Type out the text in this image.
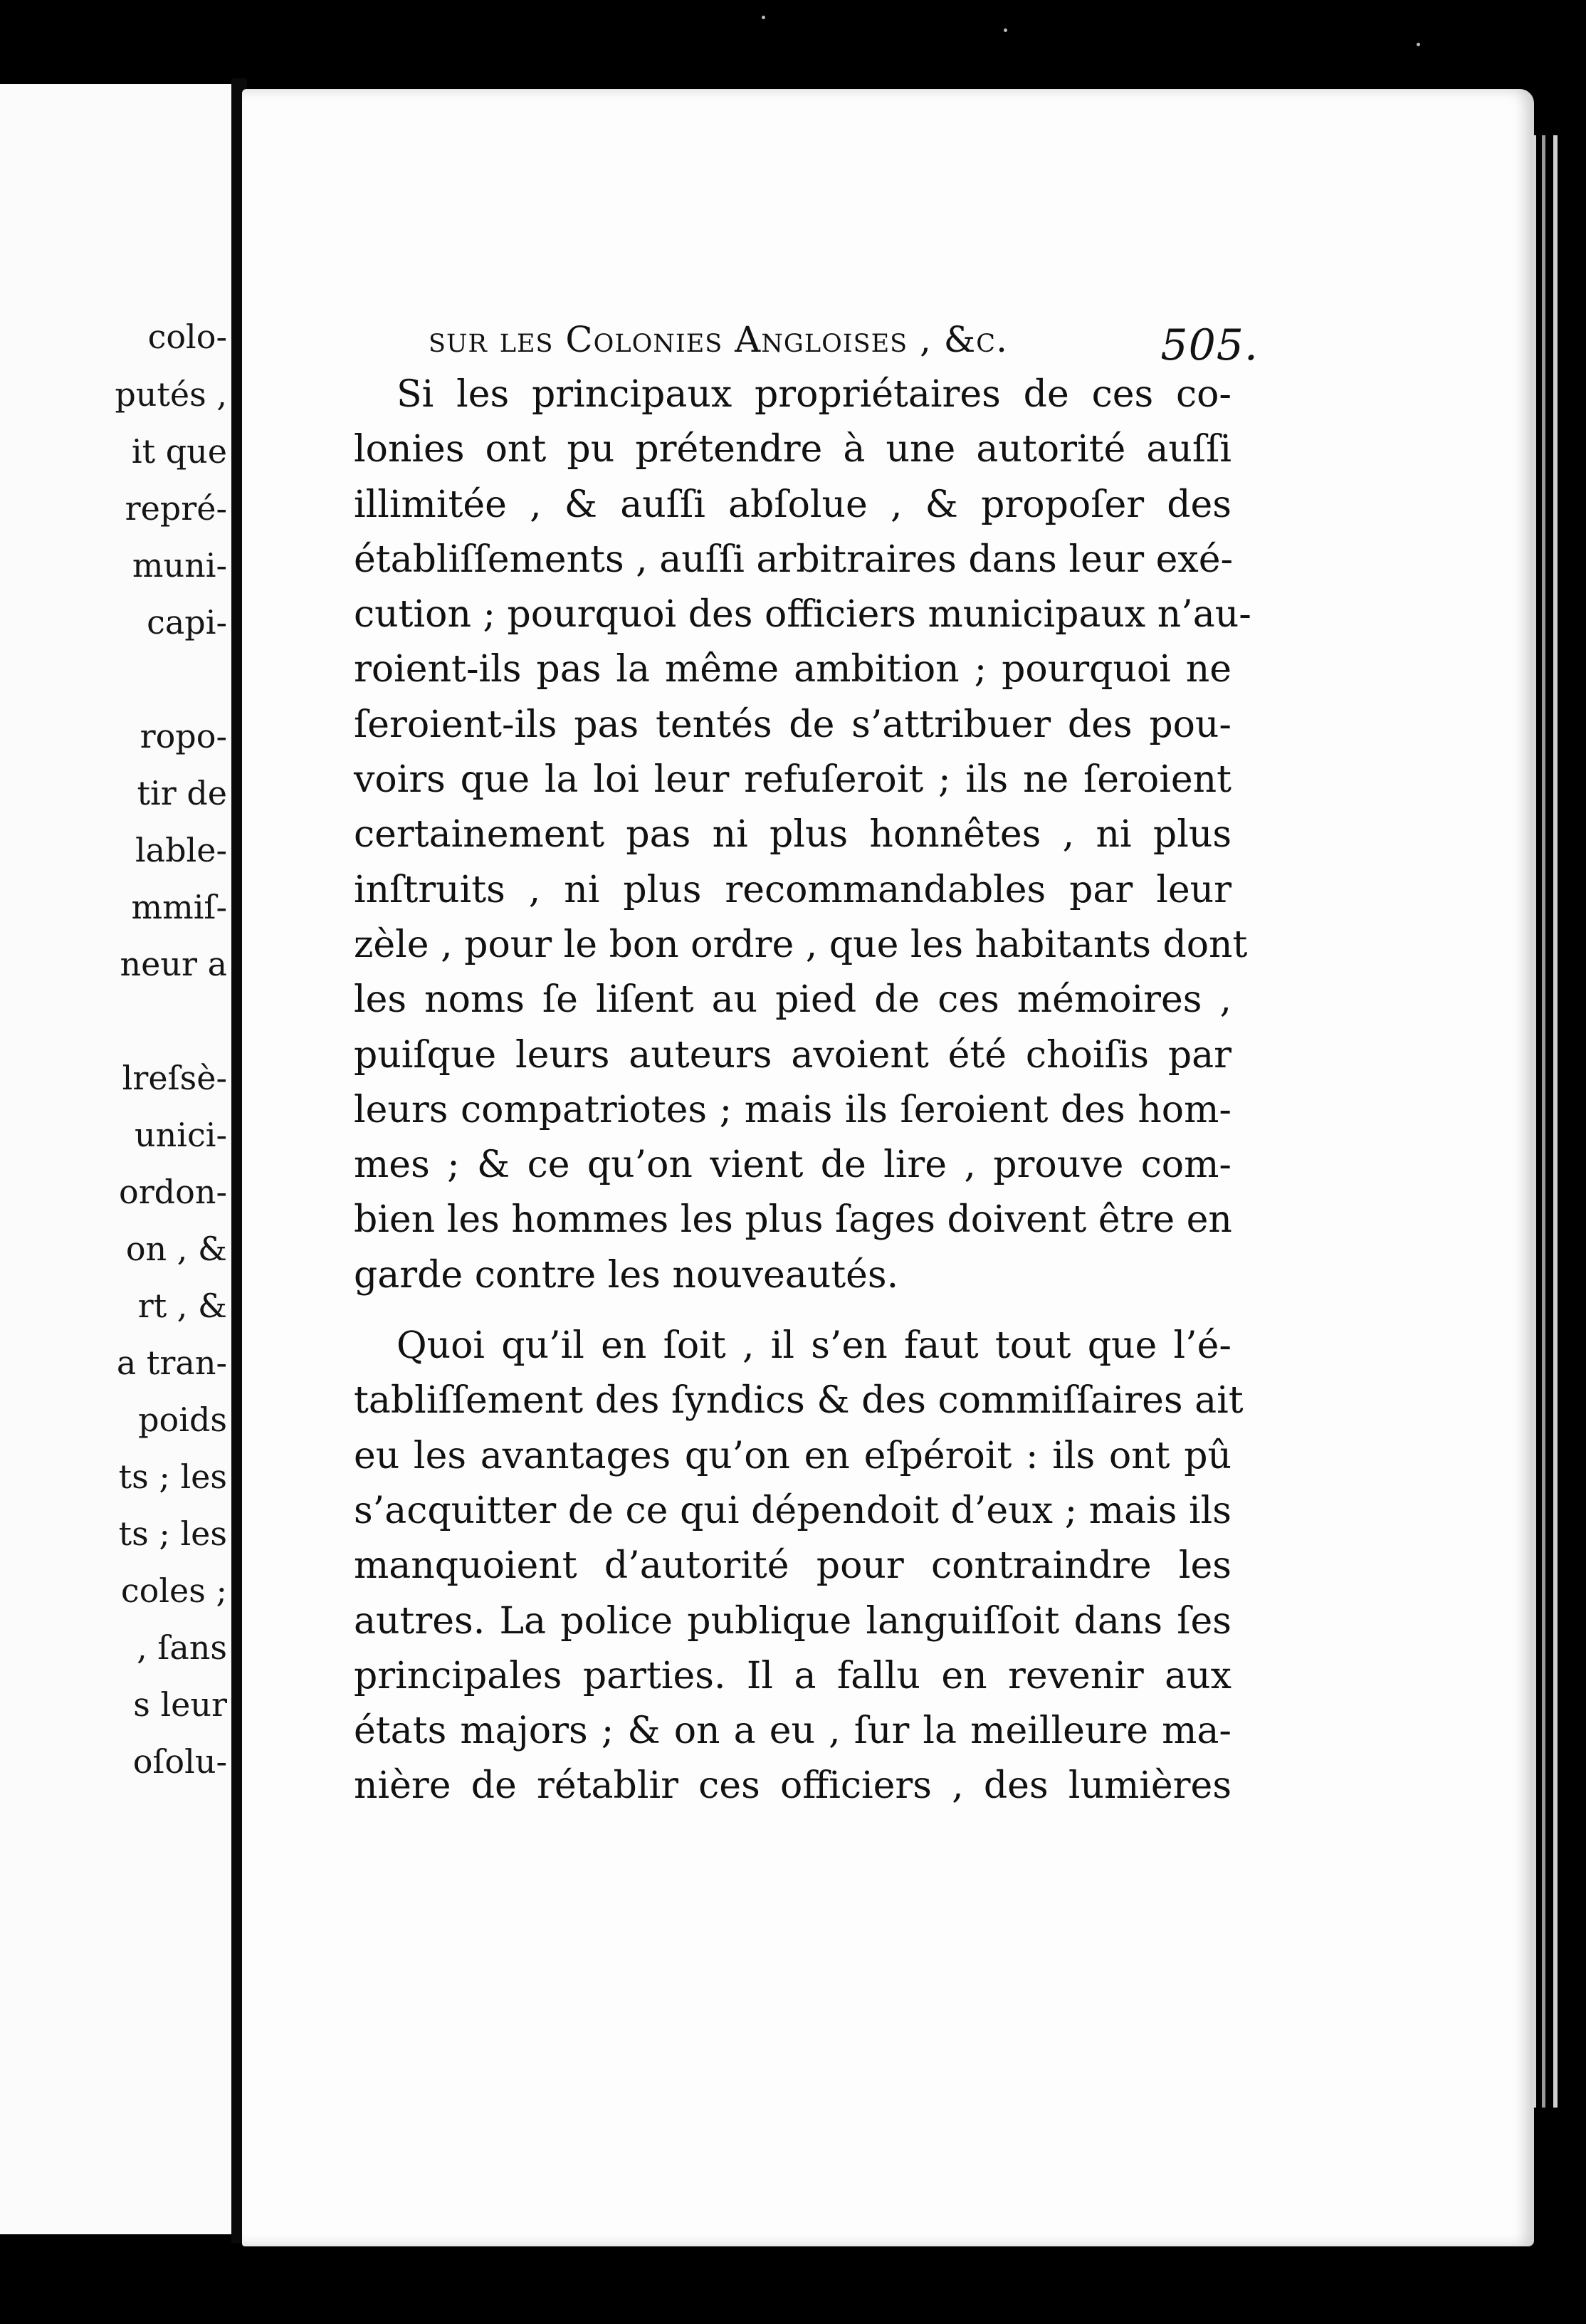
colo-
putés ,
it que
repré-
muni-
capi-
ropo-
tir de
lable-
mmiſ-
neur a
lreſsè-
unici-
ordon-
on , &
rt , &
a tran-
poids
ts ; les
ts ; les
coles ;
, ſans
s leur
oſolu-
sur les Colonies Angloises , &c.	505.
Si les principaux propriétaires de ces co-
lonies ont pu prétendre à une autorité auſſi
illimitée , & auſſi abſolue , & propoſer des
établiſſements , auſſi arbitraires dans leur exé-
cution ; pourquoi des officiers municipaux n’au-
roient-ils pas la même ambition ; pourquoi ne
ſeroient-ils pas tentés de s’attribuer des pou-
voirs que la loi leur refuſeroit ; ils ne ſeroient
certainement pas ni plus honnêtes , ni plus
inſtruits , ni plus recommandables par leur
zèle , pour le bon ordre , que les habitants dont
les noms ſe liſent au pied de ces mémoires ,
puiſque leurs auteurs avoient été choiſis par
leurs compatriotes ; mais ils ſeroient des hom-
mes ; & ce qu’on vient de lire , prouve com-
bien les hommes les plus ſages doivent être en
garde contre les nouveautés.
Quoi qu’il en ſoit , il s’en faut tout que l’é-
tabliſſement des ſyndics & des commiſſaires ait
eu les avantages qu’on en eſpéroit : ils ont pû
s’acquitter de ce qui dépendoit d’eux ; mais ils
manquoient d’autorité pour contraindre les
autres. La police publique languiſſoit dans ſes
principales parties. Il a fallu en revenir aux
états majors ; & on a eu , ſur la meilleure ma-
nière de rétablir ces officiers , des lumières
